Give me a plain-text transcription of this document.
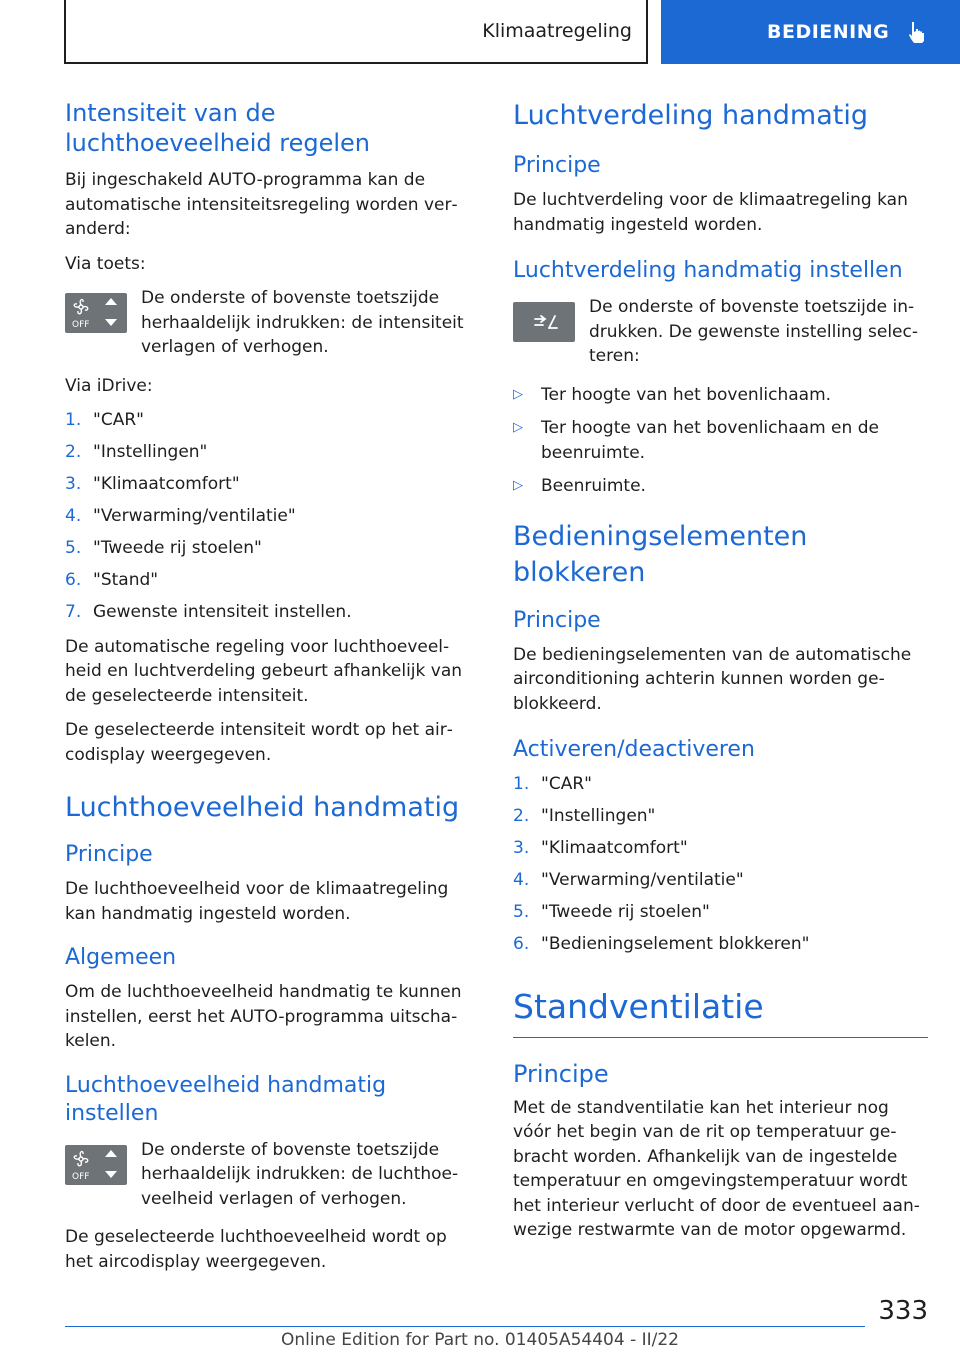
Klimaatregeling	BEDIENING
Intensiteit van de luchthoeveelheid regelen

Bij ingeschakeld AUTO-programma kan de automatische intensiteitsregeling worden veranderd:

Via toets:

OFF
De onderste of bovenste toetszijde herhaaldelijk indrukken: de intensiteit verlagen of verhogen.

Via iDrive:

1. "CAR"
2. "Instellingen"
3. "Klimaatcomfort"
4. "Verwarming/ventilatie"
5. "Tweede rij stoelen"
6. "Stand"
7. Gewenste intensiteit instellen.

De automatische regeling voor luchthoeveelheid en luchtverdeling gebeurt afhankelijk van de geselecteerde intensiteit.

De geselecteerde intensiteit wordt op het aircodisplay weergegeven.

Luchthoeveelheid handmatig
Principe

De luchthoeveelheid voor de klimaatregeling kan handmatig ingesteld worden.

Algemeen

Om de luchthoeveelheid handmatig te kunnen instellen, eerst het AUTO-programma uitschakelen.

Luchthoeveelheid handmatig instellen
OFF
De onderste of bovenste toetszijde herhaaldelijk indrukken: de luchthoeveelheid verlagen of verhogen.

De geselecteerde luchthoeveelheid wordt op het aircodisplay weergegeven.

Luchtverdeling handmatig
Principe

De luchtverdeling voor de klimaatregeling kan handmatig ingesteld worden.

Luchtverdeling handmatig instellen
De onderste of bovenste toetszijde indrukken. De gewenste instelling selecteren:
▷	Ter hoogte van het bovenlichaam.
▷	Ter hoogte van het bovenlichaam en de beenruimte.
▷	Beenruimte.
Bedieningselementen blokkeren
Principe

De bedieningselementen van de automatische airconditioning achterin kunnen worden geblokkeerd.

Activeren/deactiveren
1. "CAR"
2. "Instellingen"
3. "Klimaatcomfort"
4. "Verwarming/ventilatie"
5. "Tweede rij stoelen"
6. "Bedieningselement blokkeren"
Standventilatie
Principe

Met de standventilatie kan het interieur nog vóór het begin van de rit op temperatuur gebracht worden. Afhankelijk van de ingestelde temperatuur en omgevingstemperatuur wordt het interieur verlucht of door de eventueel aanwezige restwarmte van de motor opgewarmd.

333
Online Edition for Part no. 01405A54404 - II/22
